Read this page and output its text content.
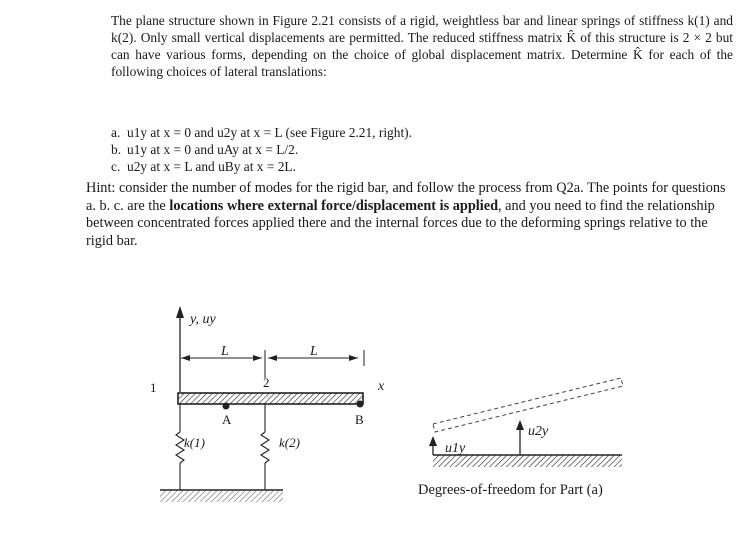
The plane structure shown in Figure 2.21 consists of a rigid, weightless bar and linear springs of stiffness k(1) and k(2). Only small vertical displacements are permitted. The reduced stiffness matrix K̂ of this structure is 2 × 2 but can have various forms, depending on the choice of global displacement matrix. Determine K̂ for each of the following choices of lateral translations:

a. u1y at x = 0 and u2y at x = L (see Figure 2.21, right).
b. u1y at x = 0 and uAy at x = L/2.
c. u2y at x = L and uBy at x = 2L.
Hint: consider the number of modes for the rigid bar, and follow the process from Q2a. The points for questions a. b. c. are the locations where external force/displacement is applied, and you need to find the relationship between concentrated forces applied there and the internal forces due to the deforming springs relative to the rigid bar.
y, uy
L	L
1	2	x
A	B
k(1)	k(2)	u1y
u2y
Degrees-of-freedom for Part (a)
